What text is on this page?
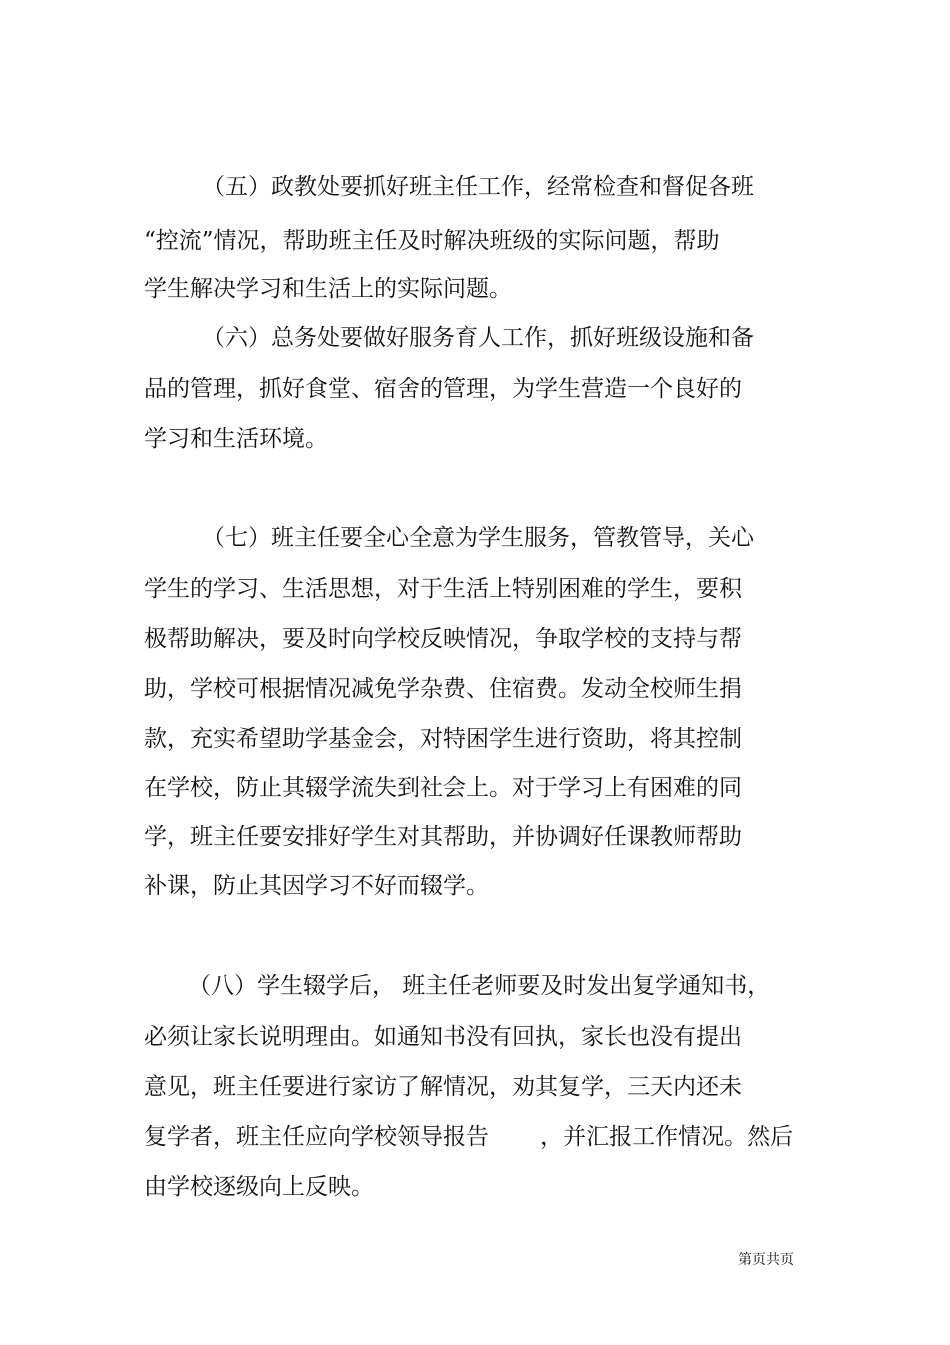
（五）政教处要抓好班主任工作，经常检查和督促各班

“控流”情况，帮助班主任及时解决班级的实际问题，帮助

学生解决学习和生活上的实际问题。

（六）总务处要做好服务育人工作，抓好班级设施和备

品的管理，抓好食堂、宿舍的管理，为学生营造一个良好的

学习和生活环境。

（七）班主任要全心全意为学生服务，管教管导，关心

学生的学习、生活思想，对于生活上特别困难的学生，要积

极帮助解决，要及时向学校反映情况，争取学校的支持与帮

助，学校可根据情况减免学杂费、住宿费。发动全校师生捐

款，充实希望助学基金会，对特困学生进行资助，将其控制

在学校，防止其辍学流失到社会上。对于学习上有困难的同

学，班主任要安排好学生对其帮助，并协调好任课教师帮助

补课，防止其因学习不好而辍学。

（八）学生辍学后， 班主任老师要及时发出复学通知书，

必须让家长说明理由。如通知书没有回执，家长也没有提出

意见，班主任要进行家访了解情况，劝其复学，三天内还未

复学者，班主任应向学校领导报告       ，并汇报工作情况。然后

由学校逐级向上反映。

第页共页
